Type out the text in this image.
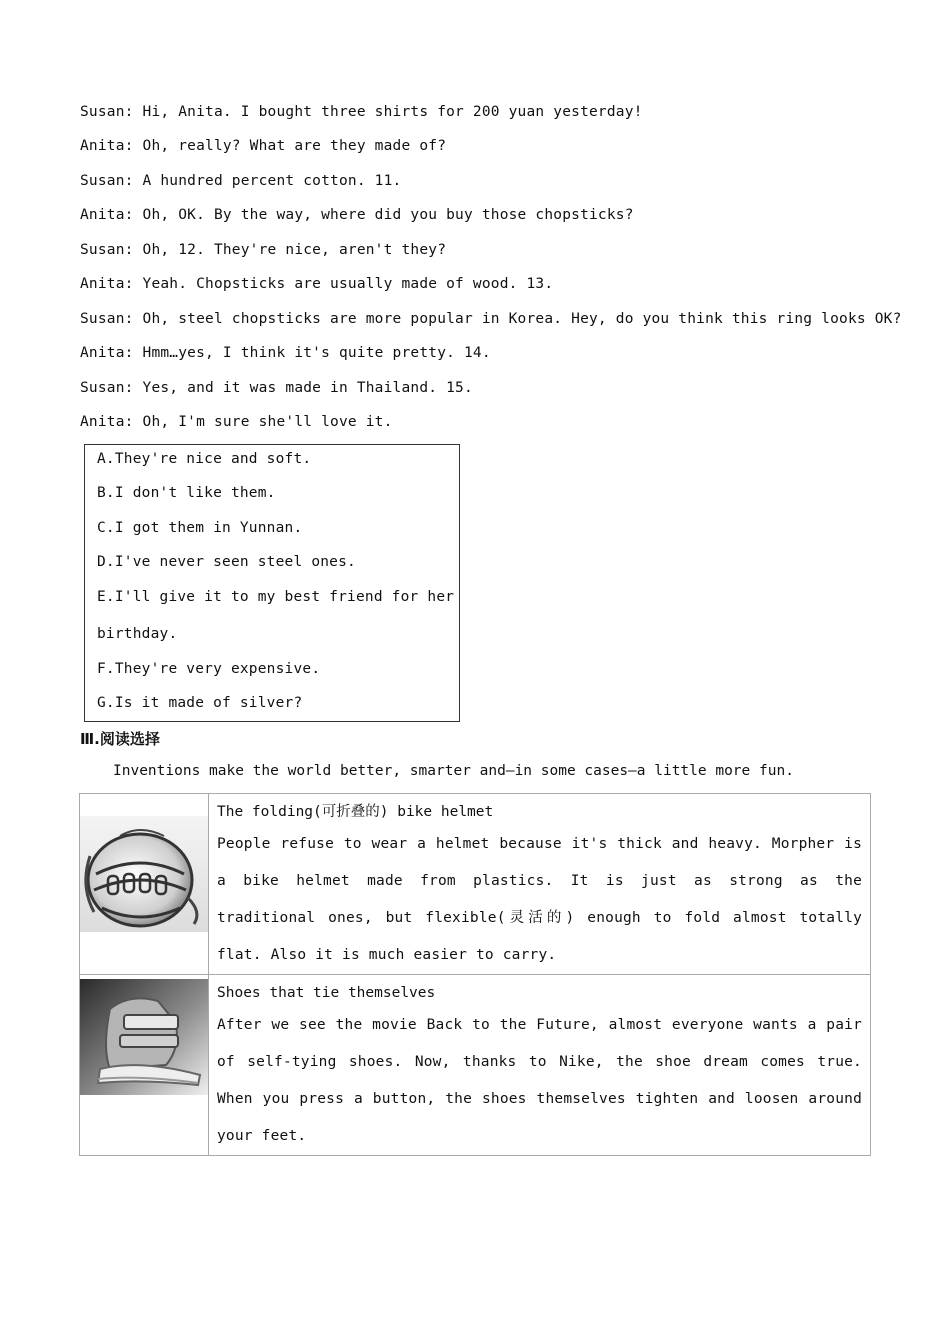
Susan: Hi, Anita. I bought three shirts for 200 yuan yesterday!
Anita: Oh, really? What are they made of?
Susan: A hundred percent cotton. 11.
Anita: Oh, OK. By the way, where did you buy those chopsticks?
Susan: Oh, 12. They're nice, aren't they?
Anita: Yeah. Chopsticks are usually made of wood. 13.
Susan: Oh, steel chopsticks are more popular in Korea. Hey, do you think this ring looks OK?
Anita: Hmm…yes, I think it's quite pretty. 14.
Susan: Yes, and it was made in Thailand. 15.
Anita: Oh, I'm sure she'll love it.
A.They're nice and soft.
B.I don't like them.
C.I got them in Yunnan.
D.I've never seen steel ones.
E.I'll give it to my best friend for her
birthday.
F.They're very expensive.
G.Is it made of silver?
Ⅲ.阅读选择
Inventions make the world better, smarter and—in some cases—a little more fun.

The folding(可折叠的) bike helmet
People refuse to wear a helmet because it's thick and heavy. Morpher is a bike helmet made from plastics. It is just as strong as the traditional ones, but flexible(灵活的) enough to fold almost totally flat. Also it is much easier to carry.

Shoes that tie themselves
After we see the movie Back to the Future, almost everyone wants a pair of self-tying shoes. Now, thanks to Nike, the shoe dream comes true. When you press a button, the shoes themselves tighten and loosen around your feet.
